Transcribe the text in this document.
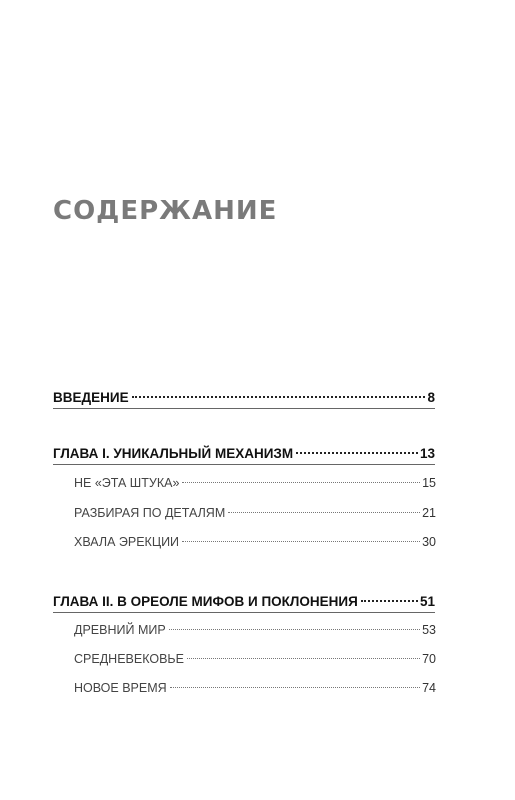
СОДЕРЖАНИЕ
ВВЕДЕНИЕ	8
ГЛАВА I. УНИКАЛЬНЫЙ МЕХАНИЗМ	13
НЕ «ЭТА ШТУКА»	15
РАЗБИРАЯ ПО ДЕТАЛЯМ	21
ХВАЛА ЭРЕКЦИИ	30
ГЛАВА II. В ОРЕОЛЕ МИФОВ И ПОКЛОНЕНИЯ	51
ДРЕВНИЙ МИР	53
СРЕДНЕВЕКОВЬЕ	70
НОВОЕ ВРЕМЯ	74
